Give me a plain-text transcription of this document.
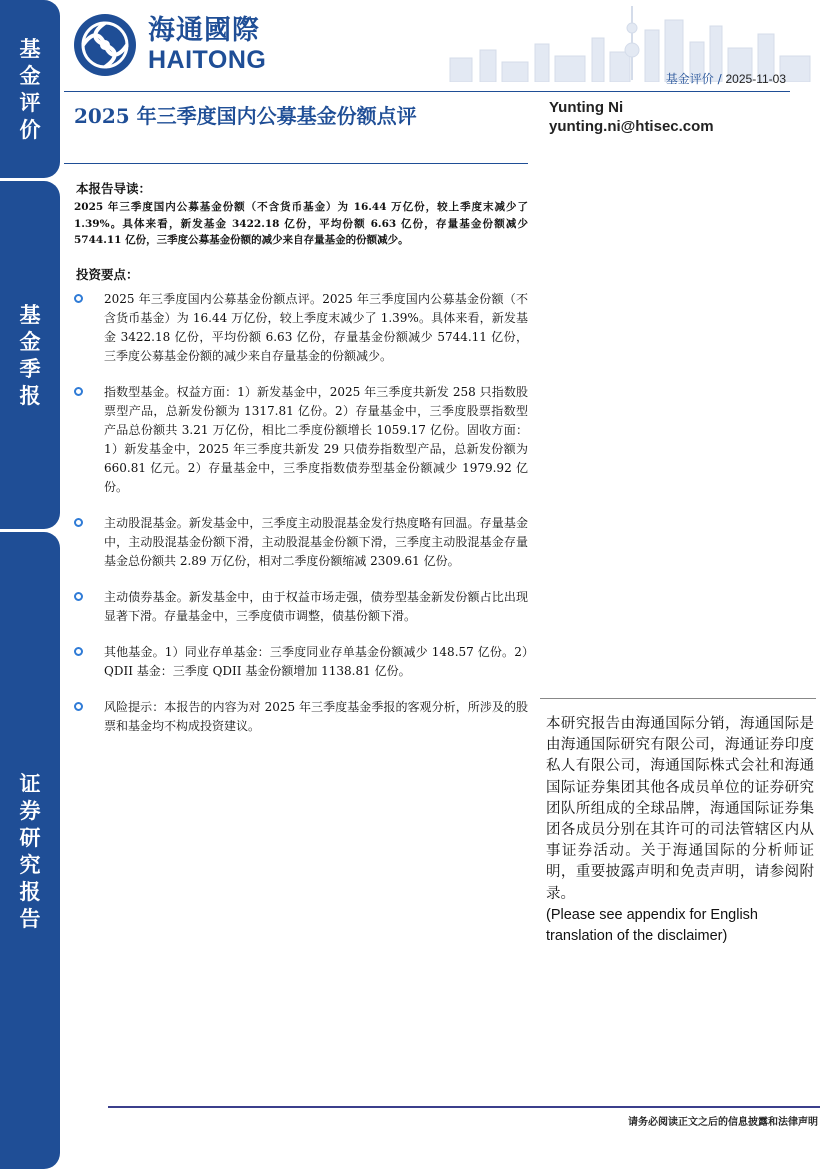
基
金
评
价
基
金
季
报
证
券
研
究
报
告
海通國際
HAITONG
基金评价 / 2025-11-03
2025 年三季度国内公募基金份额点评	Yunting Ni
yunting.ni@htisec.com
本报告导读：
2025 年三季度国内公募基金份额（不含货币基金）为 16.44 万亿份，较上季度末减少了 1.39%。具体来看，新发基金 3422.18 亿份，平均份额 6.63 亿份，存量基金份额减少 5744.11 亿份，三季度公募基金份额的减少来自存量基金的份额减少。
投资要点：
2025 年三季度国内公募基金份额点评。2025 年三季度国内公募基金份额（不含货币基金）为 16.44 万亿份，较上季度末减少了 1.39%。具体来看，新发基金 3422.18 亿份，平均份额 6.63 亿份，存量基金份额减少 5744.11 亿份，三季度公募基金份额的减少来自存量基金的份额减少。
指数型基金。权益方面：1）新发基金中，2025 年三季度共新发 258 只指数股票型产品，总新发份额为 1317.81 亿份。2）存量基金中，三季度股票指数型产品总份额共 3.21 万亿份，相比二季度份额增长 1059.17 亿份。固收方面：1）新发基金中，2025 年三季度共新发 29 只债券指数型产品，总新发份额为 660.81 亿元。2）存量基金中，三季度指数债券型基金份额减少 1979.92 亿份。
主动股混基金。新发基金中，三季度主动股混基金发行热度略有回温。存量基金中，主动股混基金份额下滑，主动股混基金份额下滑，三季度主动股混基金存量基金总份额共 2.89 万亿份，相对二季度份额缩减 2309.61 亿份。
主动债券基金。新发基金中，由于权益市场走强，债券型基金新发份额占比出现显著下滑。存量基金中，三季度债市调整，债基份额下滑。
其他基金。1）同业存单基金：三季度同业存单基金份额减少 148.57 亿份。2）QDII 基金：三季度 QDII 基金份额增加 1138.81 亿份。
风险提示：本报告的内容为对 2025 年三季度基金季报的客观分析，所涉及的股票和基金均不构成投资建议。	本研究报告由海通国际分销，海通国际是由海通国际研究有限公司，海通证券印度私人有限公司，海通国际株式会社和海通国际证券集团其他各成员单位的证券研究团队所组成的全球品牌，海通国际证券集团各成员分别在其许可的司法管辖区内从事证券活动。关于海通国际的分析师证明，重要披露声明和免责声明，请参阅附录。
(Please see appendix for English translation of the disclaimer)
请务必阅读正文之后的信息披露和法律声明
